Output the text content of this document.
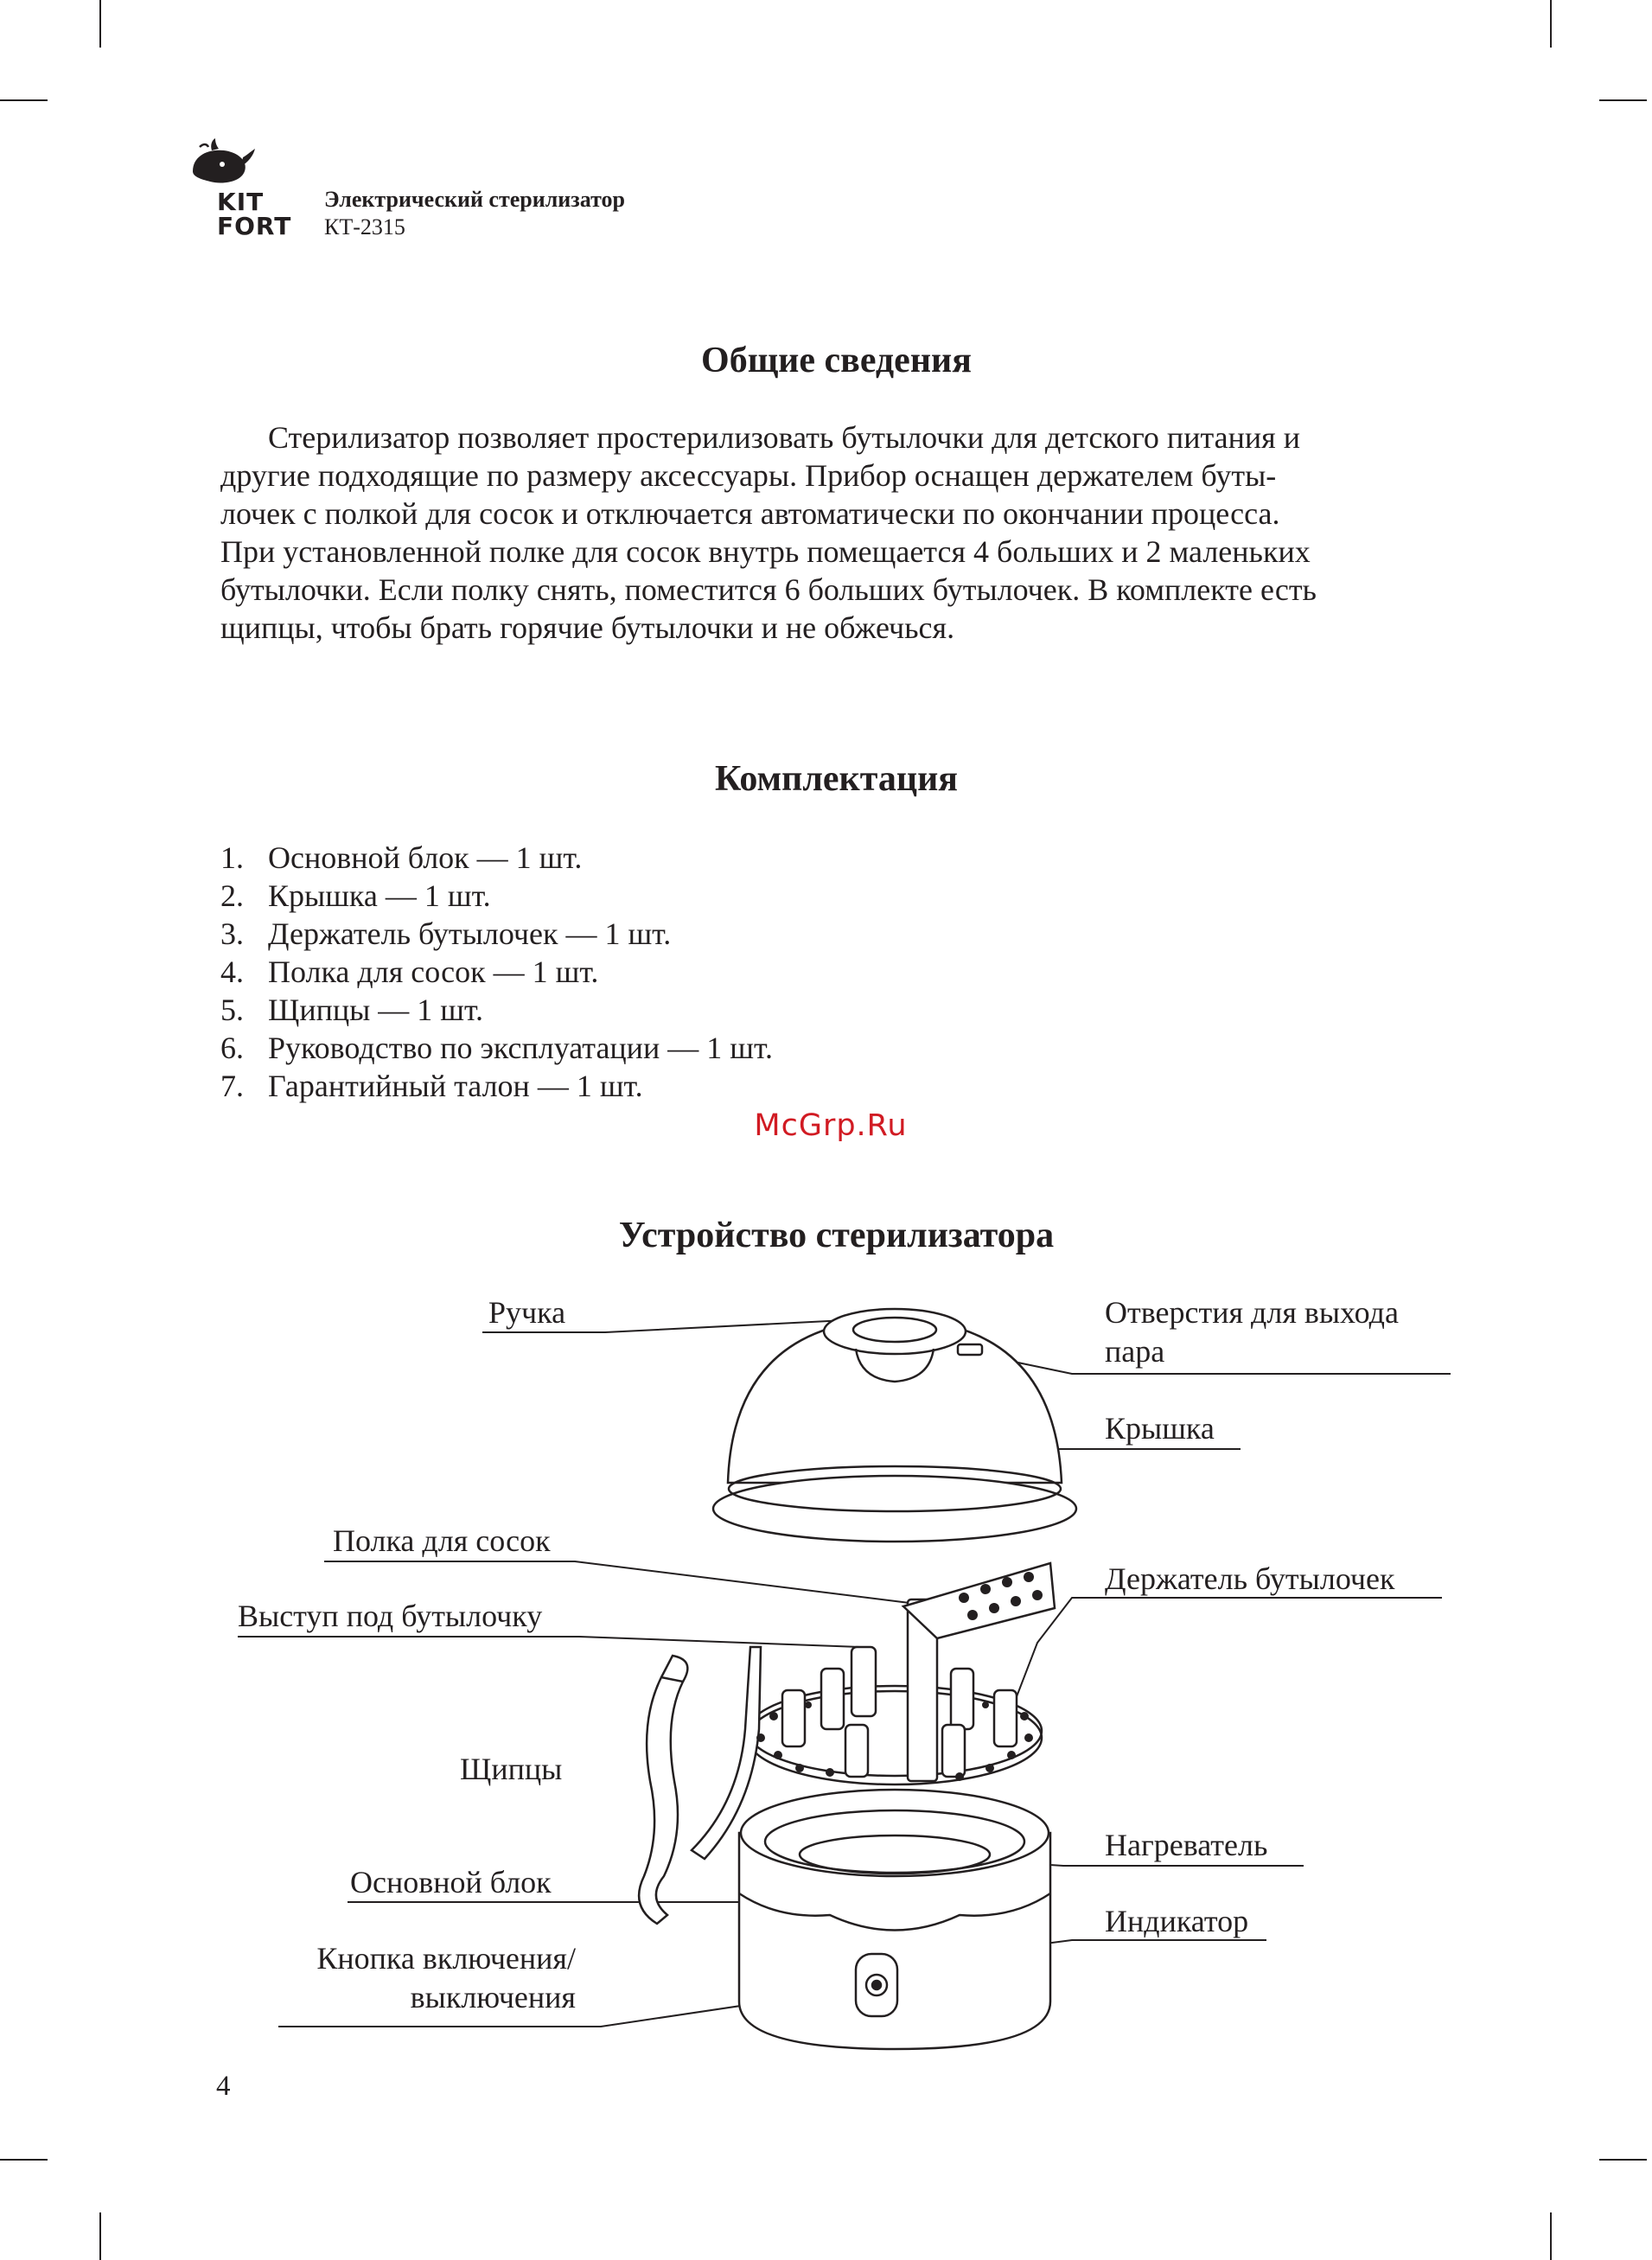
KIT
FORT
Электрический стерилизатор
КТ-2315
Общие сведения

Стерилизатор позволяет простерилизовать бутылочки для детского питания и
другие подходящие по размеру аксессуары. Прибор оснащен держателем буты-
лочек с полкой для сосок и отключается автоматически по окончании процесса.
При установленной полке для сосок внутрь помещается 4 больших и 2 маленьких
бутылочки. Если полку снять, поместится 6 больших бутылочек. В комплекте есть
щипцы, чтобы брать горячие бутылочки и не обжечься.

Комплектация
1. Основной блок — 1 шт.
2. Крышка — 1 шт.
3. Держатель бутылочек — 1 шт.
4. Полка для сосок — 1 шт.
5. Щипцы — 1 шт.
6. Руководство по эксплуатации — 1 шт.
7. Гарантийный талон — 1 шт.
McGrp.Ru
Устройство стерилизатора
Ручка	Отверстия для выхода
пара
Крышка
Полка для сосок
Держатель бутылочек
Выступ под бутылочку
Щипцы
Нагреватель
Основной блок
Индикатор
Кнопка включения/
выключения
4
